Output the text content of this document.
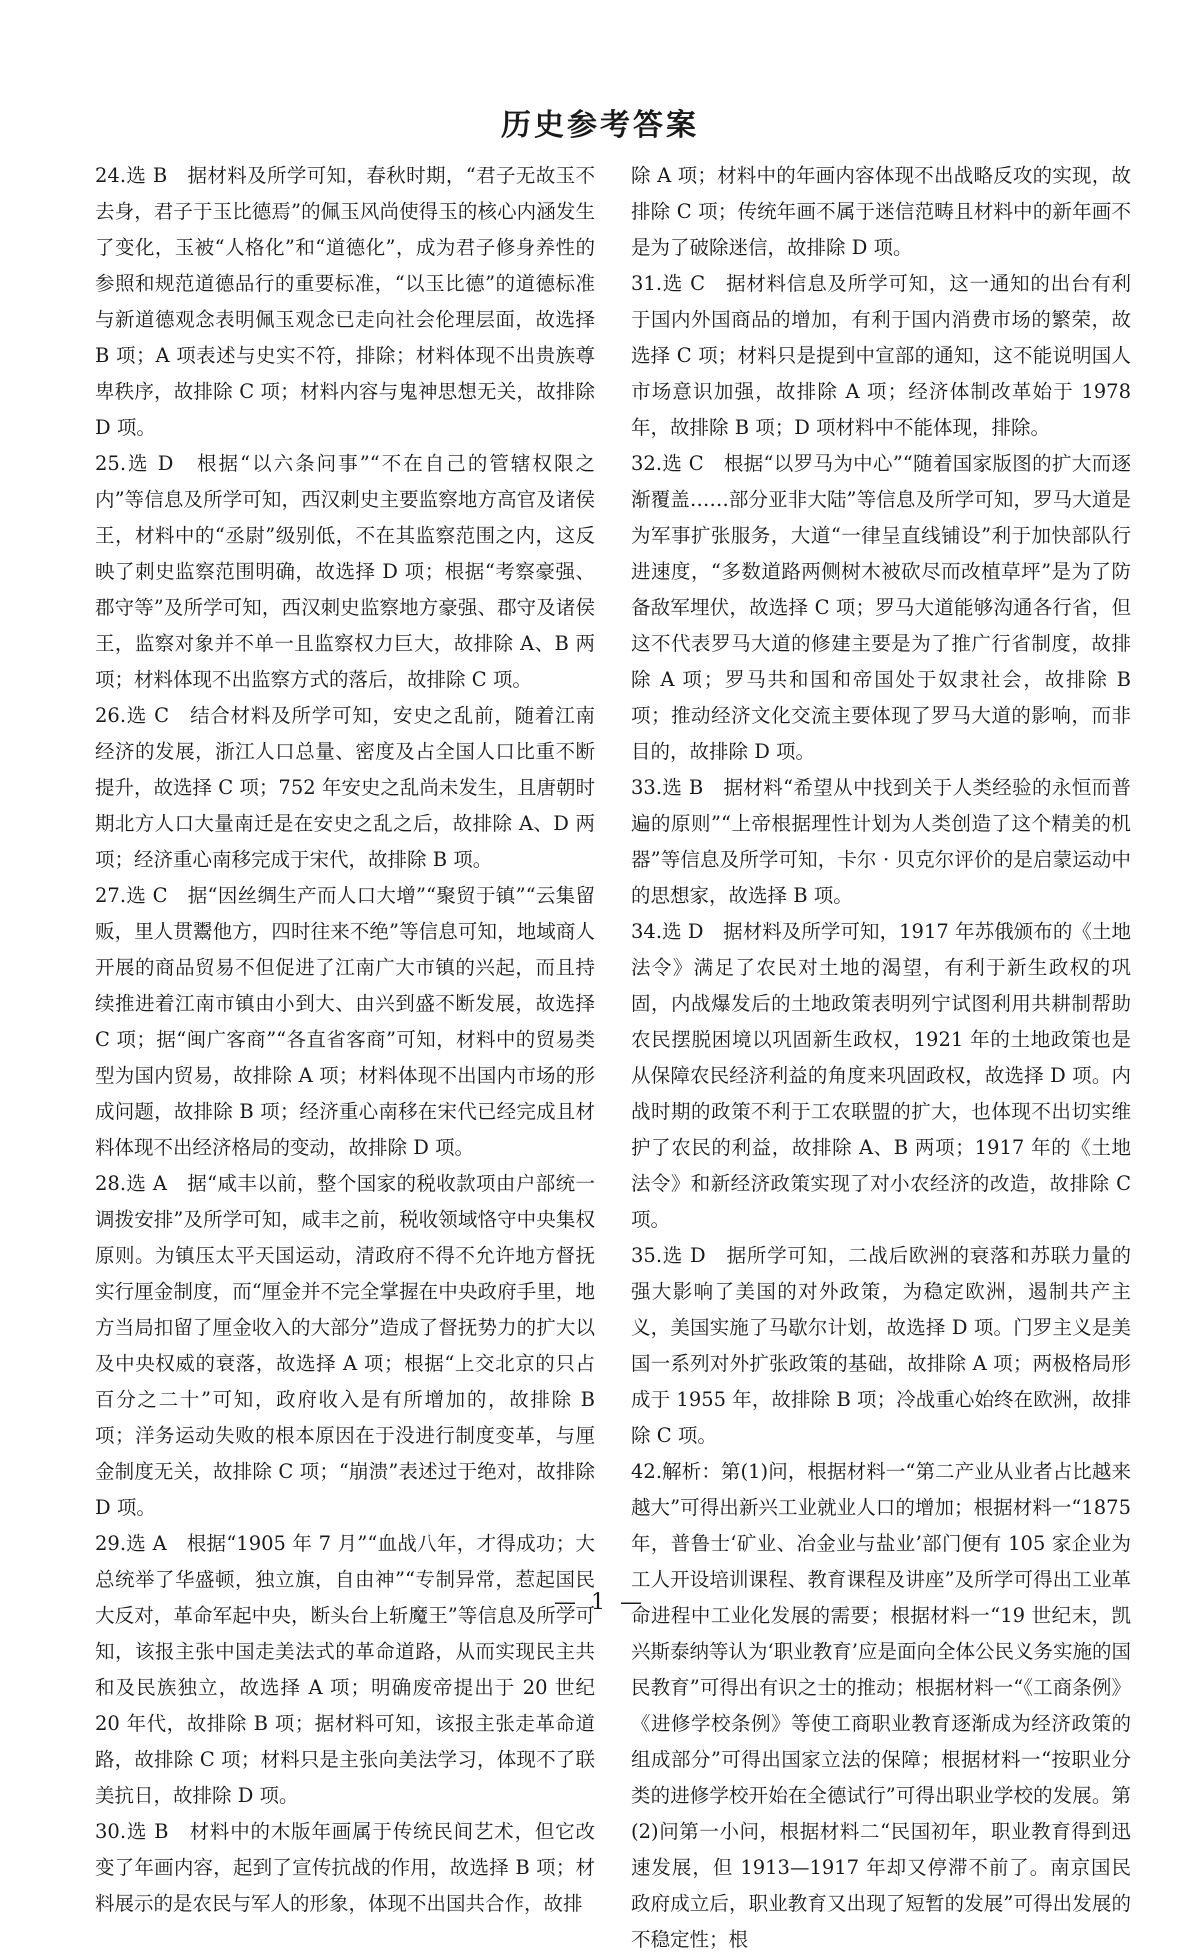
历史参考答案
24.选 B　据材料及所学可知，春秋时期，“君子无故玉不去身，君子于玉比德焉”的佩玉风尚使得玉的核心内涵发生了变化，玉被“人格化”和“道德化”，成为君子修身养性的参照和规范道德品行的重要标准，“以玉比德”的道德标准与新道德观念表明佩玉观念已走向社会伦理层面，故选择 B 项；A 项表述与史实不符，排除；材料体现不出贵族尊卑秩序，故排除 C 项；材料内容与鬼神思想无关，故排除 D 项。
25.选 D　根据“以六条问事”“不在自己的管辖权限之内”等信息及所学可知，西汉刺史主要监察地方高官及诸侯王，材料中的“丞尉”级别低，不在其监察范围之内，这反映了刺史监察范围明确，故选择 D 项；根据“考察豪强、郡守等”及所学可知，西汉刺史监察地方豪强、郡守及诸侯王，监察对象并不单一且监察权力巨大，故排除 A、B 两项；材料体现不出监察方式的落后，故排除 C 项。
26.选 C　结合材料及所学可知，安史之乱前，随着江南经济的发展，浙江人口总量、密度及占全国人口比重不断提升，故选择 C 项；752 年安史之乱尚未发生，且唐朝时期北方人口大量南迁是在安史之乱之后，故排除 A、D 两项；经济重心南移完成于宋代，故排除 B 项。
27.选 C　据“因丝绸生产而人口大增”“聚贸于镇”“云集留贩，里人贯鬻他方，四时往来不绝”等信息可知，地域商人开展的商品贸易不但促进了江南广大市镇的兴起，而且持续推进着江南市镇由小到大、由兴到盛不断发展，故选择 C 项；据“闽广客商”“各直省客商”可知，材料中的贸易类型为国内贸易，故排除 A 项；材料体现不出国内市场的形成问题，故排除 B 项；经济重心南移在宋代已经完成且材料体现不出经济格局的变动，故排除 D 项。
28.选 A　据“咸丰以前，整个国家的税收款项由户部统一调拨安排”及所学可知，咸丰之前，税收领域恪守中央集权原则。为镇压太平天国运动，清政府不得不允许地方督抚实行厘金制度，而“厘金并不完全掌握在中央政府手里，地方当局扣留了厘金收入的大部分”造成了督抚势力的扩大以及中央权威的衰落，故选择 A 项；根据“上交北京的只占百分之二十”可知，政府收入是有所增加的，故排除 B 项；洋务运动失败的根本原因在于没进行制度变革，与厘金制度无关，故排除 C 项；“崩溃”表述过于绝对，故排除 D 项。
29.选 A　根据“1905 年 7 月”“血战八年，才得成功；大总统举了华盛顿，独立旗，自由神”“专制异常，惹起国民大反对，革命军起中央，断头台上斩魔王”等信息及所学可知，该报主张中国走美法式的革命道路，从而实现民主共和及民族独立，故选择 A 项；明确废帝提出于 20 世纪 20 年代，故排除 B 项；据材料可知，该报主张走革命道路，故排除 C 项；材料只是主张向美法学习，体现不了联美抗日，故排除 D 项。
30.选 B　材料中的木版年画属于传统民间艺术，但它改变了年画内容，起到了宣传抗战的作用，故选择 B 项；材料展示的是农民与军人的形象，体现不出国共合作，故排
除 A 项；材料中的年画内容体现不出战略反攻的实现，故排除 C 项；传统年画不属于迷信范畴且材料中的新年画不是为了破除迷信，故排除 D 项。
31.选 C　据材料信息及所学可知，这一通知的出台有利于国内外国商品的增加，有利于国内消费市场的繁荣，故选择 C 项；材料只是提到中宣部的通知，这不能说明国人市场意识加强，故排除 A 项；经济体制改革始于 1978 年，故排除 B 项；D 项材料中不能体现，排除。
32.选 C　根据“以罗马为中心”“随着国家版图的扩大而逐渐覆盖……部分亚非大陆”等信息及所学可知，罗马大道是为军事扩张服务，大道“一律呈直线铺设”利于加快部队行进速度，“多数道路两侧树木被砍尽而改植草坪”是为了防备敌军埋伏，故选择 C 项；罗马大道能够沟通各行省，但这不代表罗马大道的修建主要是为了推广行省制度，故排除 A 项；罗马共和国和帝国处于奴隶社会，故排除 B 项；推动经济文化交流主要体现了罗马大道的影响，而非目的，故排除 D 项。
33.选 B　据材料“希望从中找到关于人类经验的永恒而普遍的原则”“上帝根据理性计划为人类创造了这个精美的机器”等信息及所学可知，卡尔 · 贝克尔评价的是启蒙运动中的思想家，故选择 B 项。
34.选 D　据材料及所学可知，1917 年苏俄颁布的《土地法令》满足了农民对土地的渴望，有利于新生政权的巩固，内战爆发后的土地政策表明列宁试图利用共耕制帮助农民摆脱困境以巩固新生政权，1921 年的土地政策也是从保障农民经济利益的角度来巩固政权，故选择 D 项。内战时期的政策不利于工农联盟的扩大，也体现不出切实维护了农民的利益，故排除 A、B 两项；1917 年的《土地法令》和新经济政策实现了对小农经济的改造，故排除 C 项。
35.选 D　据所学可知，二战后欧洲的衰落和苏联力量的强大影响了美国的对外政策，为稳定欧洲，遏制共产主义，美国实施了马歇尔计划，故选择 D 项。门罗主义是美国一系列对外扩张政策的基础，故排除 A 项；两极格局形成于 1955 年，故排除 B 项；冷战重心始终在欧洲，故排除 C 项。
42.解析：第(1)问，根据材料一“第二产业从业者占比越来越大”可得出新兴工业就业人口的增加；根据材料一“1875 年，普鲁士‘矿业、冶金业与盐业’部门便有 105 家企业为工人开设培训课程、教育课程及讲座”及所学可得出工业革命进程中工业化发展的需要；根据材料一“19 世纪末，凯兴斯泰纳等认为‘职业教育’应是面向全体公民义务实施的国民教育”可得出有识之士的推动；根据材料一“《工商条例》《进修学校条例》等使工商职业教育逐渐成为经济政策的组成部分”可得出国家立法的保障；根据材料一“按职业分类的进修学校开始在全德试行”可得出职业学校的发展。第(2)问第一小问，根据材料二“民国初年，职业教育得到迅速发展，但 1913—1917 年却又停滞不前了。南京国民政府成立后，职业教育又出现了短暂的发展”可得出发展的不稳定性；根
— 1 —
